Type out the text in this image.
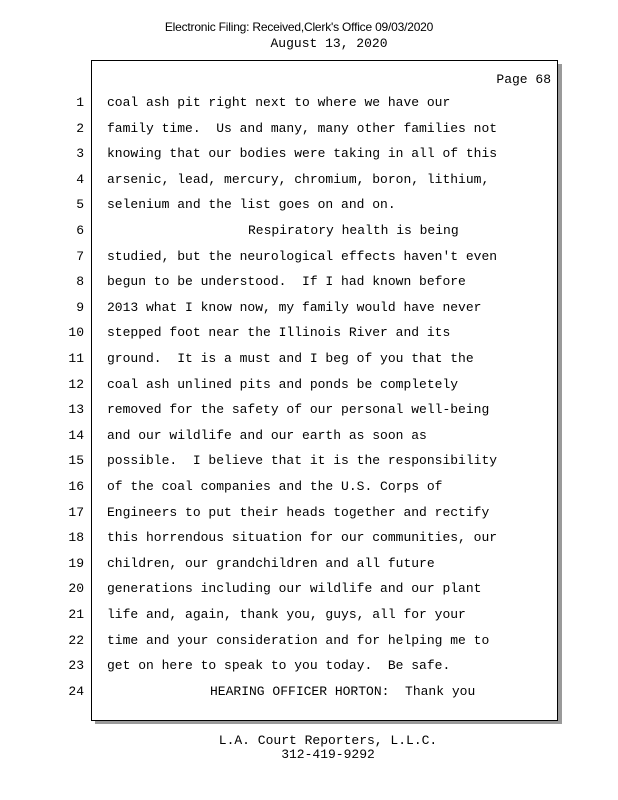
Electronic Filing: Received,Clerk's Office 09/03/2020
August 13, 2020
Page 68
1 coal ash pit right next to where we have our
2 family time.  Us and many, many other families not
3 knowing that our bodies were taking in all of this
4 arsenic, lead, mercury, chromium, boron, lithium,
5 selenium and the list goes on and on.
6	Respiratory health is being
7 studied, but the neurological effects haven't even
8 begun to be understood.  If I had known before
9 2013 what I know now, my family would have never
10 stepped foot near the Illinois River and its
11 ground.  It is a must and I beg of you that the
12 coal ash unlined pits and ponds be completely
13 removed for the safety of our personal well-being
14 and our wildlife and our earth as soon as
15 possible.  I believe that it is the responsibility
16 of the coal companies and the U.S. Corps of
17 Engineers to put their heads together and rectify
18 this horrendous situation for our communities, our
19 children, our grandchildren and all future
20 generations including our wildlife and our plant
21 life and, again, thank you, guys, all for your
22 time and your consideration and for helping me to
23 get on here to speak to you today.  Be safe.
24	HEARING OFFICER HORTON:  Thank you
L.A. Court Reporters, L.L.C.
312-419-9292
